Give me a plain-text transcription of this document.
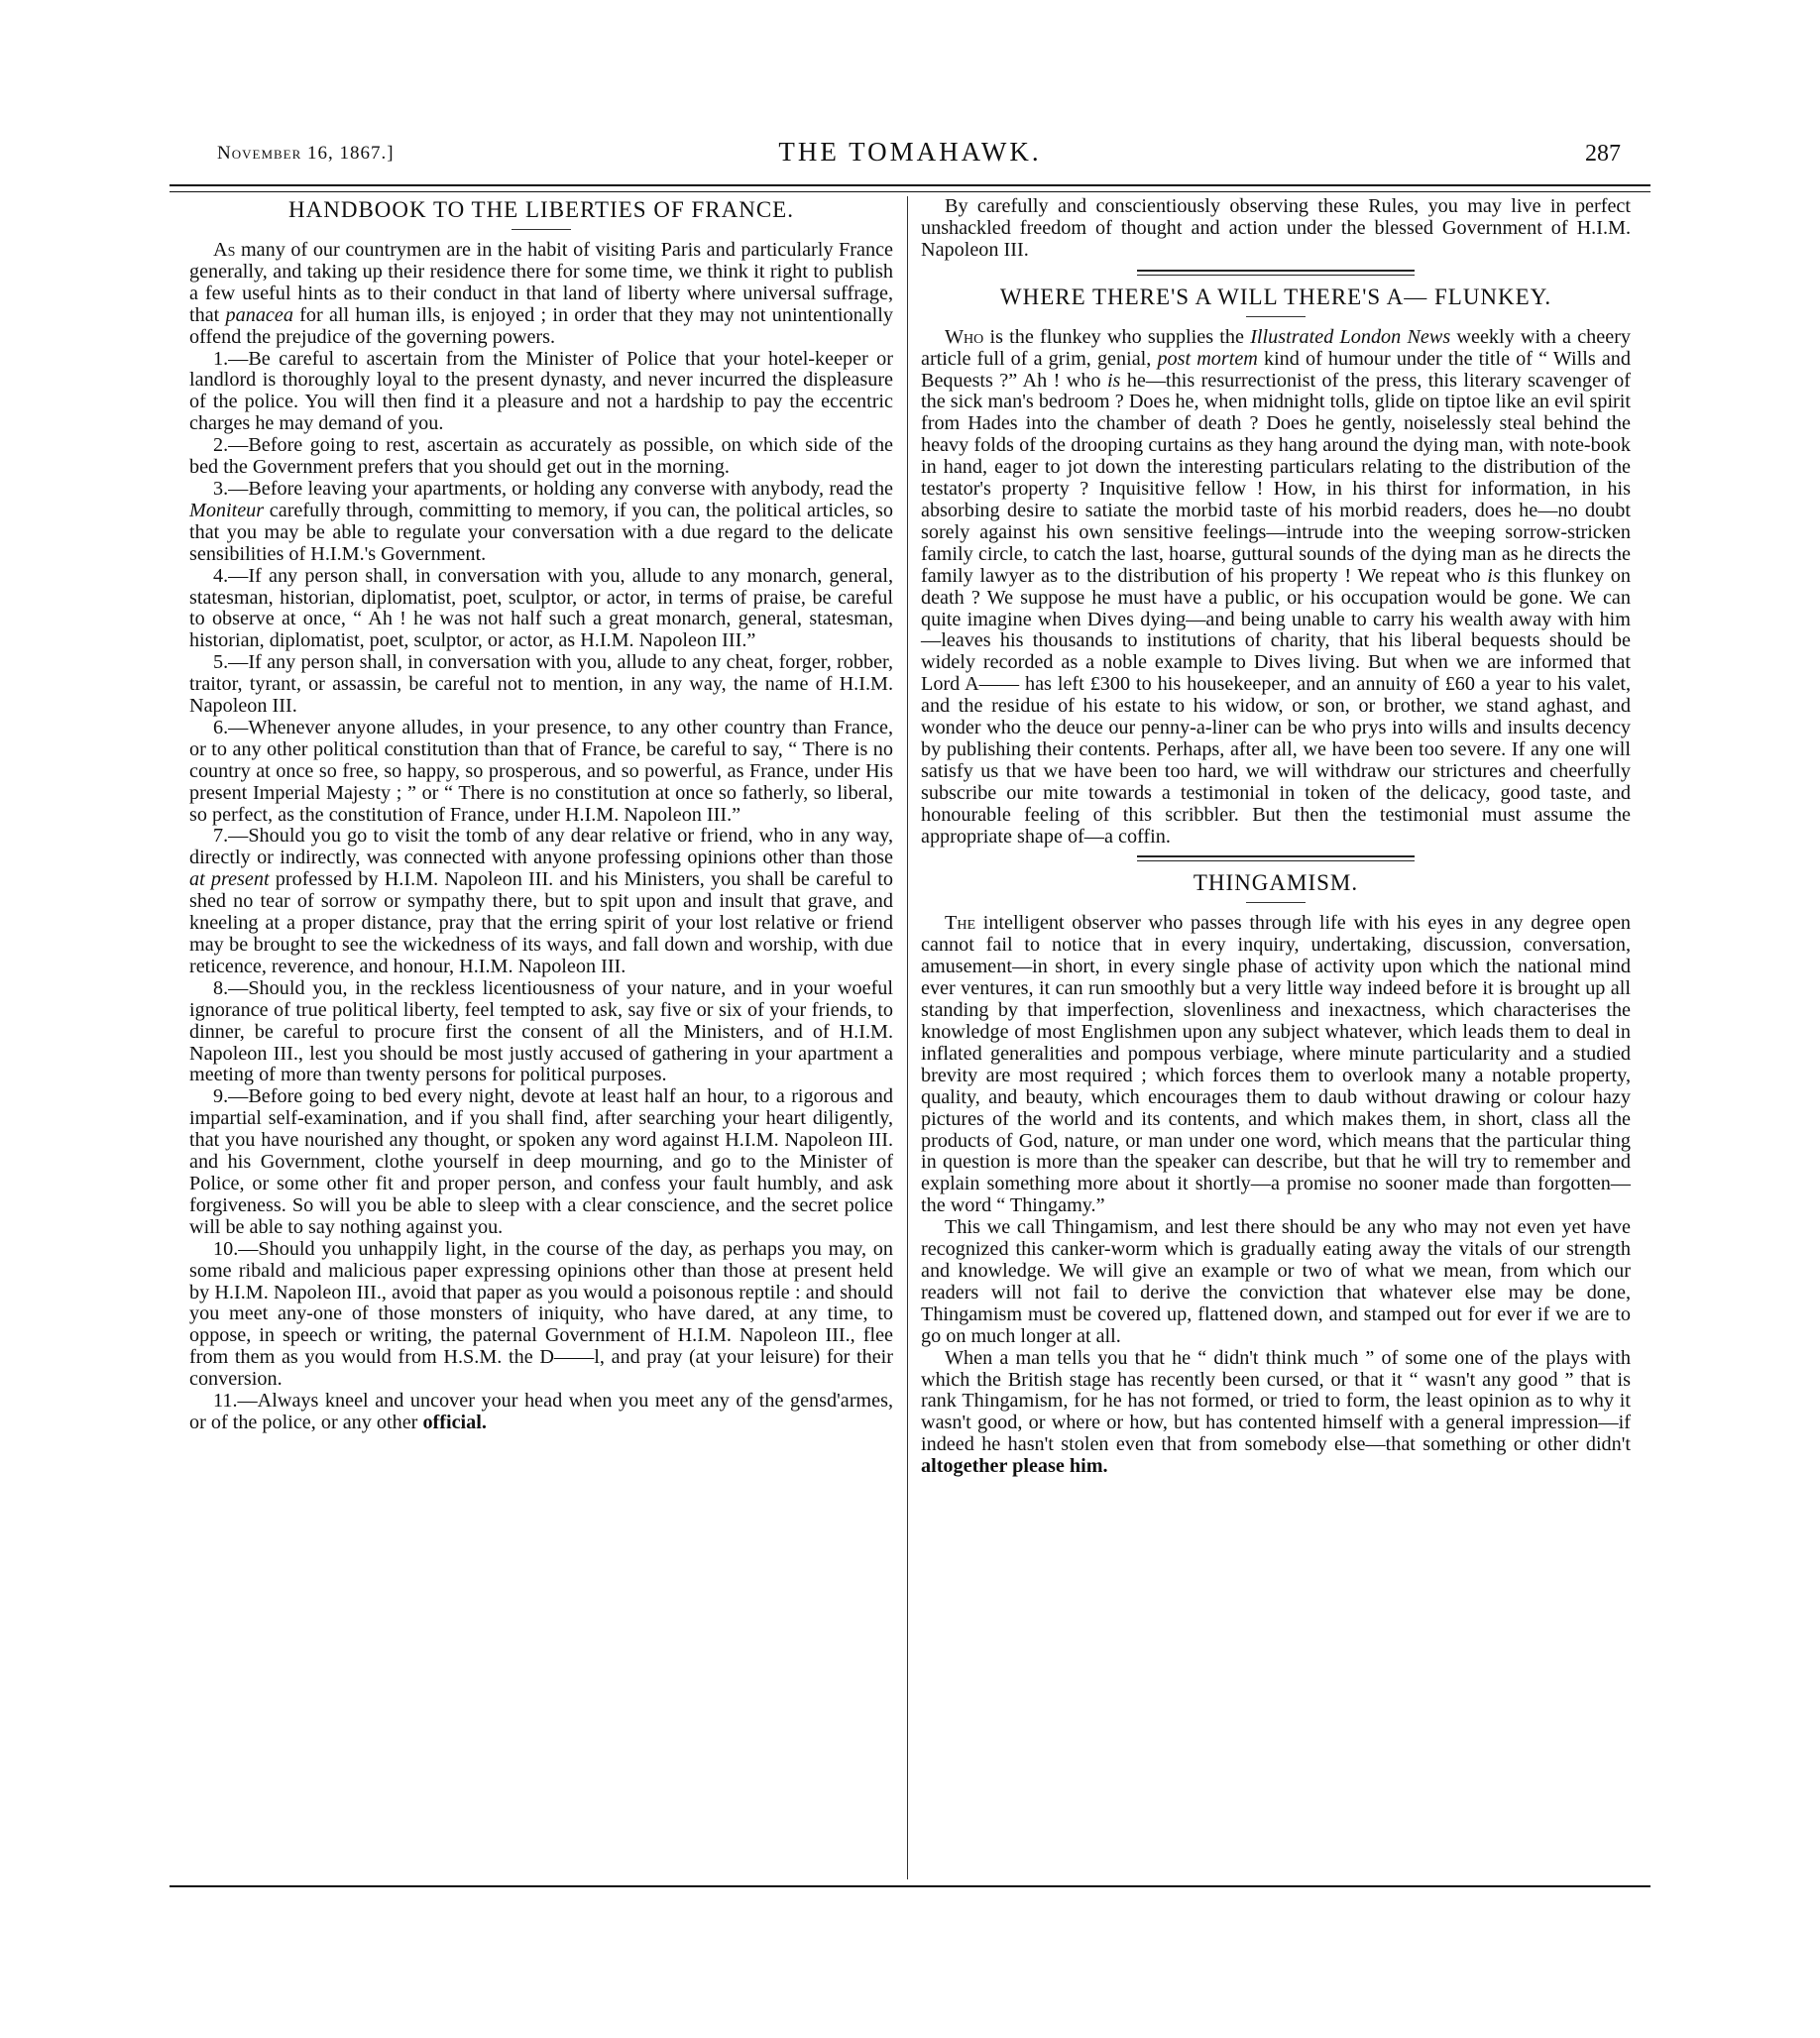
November 16, 1867.]	THE TOMAHAWK.	287
HANDBOOK TO THE LIBERTIES OF FRANCE.

As many of our countrymen are in the habit of visiting Paris and particularly France generally, and taking up their residence there for some time, we think it right to publish a few useful hints as to their conduct in that land of liberty where universal suffrage, that panacea for all human ills, is enjoyed ; in order that they may not unintentionally offend the prejudice of the governing powers.

1.—Be careful to ascertain from the Minister of Police that your hotel-keeper or landlord is thoroughly loyal to the present dynasty, and never incurred the displeasure of the police. You will then find it a pleasure and not a hardship to pay the eccentric charges he may demand of you.

2.—Before going to rest, ascertain as accurately as possible, on which side of the bed the Government prefers that you should get out in the morning.

3.—Before leaving your apartments, or holding any converse with anybody, read the Moniteur carefully through, committing to memory, if you can, the political articles, so that you may be able to regulate your conversation with a due regard to the delicate sensibilities of H.I.M.'s Government.

4.—If any person shall, in conversation with you, allude to any monarch, general, statesman, historian, diplomatist, poet, sculptor, or actor, in terms of praise, be careful to observe at once, “ Ah ! he was not half such a great monarch, general, statesman, historian, diplomatist, poet, sculptor, or actor, as H.I.M. Napoleon III.”

5.—If any person shall, in conversation with you, allude to any cheat, forger, robber, traitor, tyrant, or assassin, be careful not to mention, in any way, the name of H.I.M. Napoleon III.

6.—Whenever anyone alludes, in your presence, to any other country than France, or to any other political constitution than that of France, be careful to say, “ There is no country at once so free, so happy, so prosperous, and so powerful, as France, under His present Imperial Majesty ; ” or “ There is no constitution at once so fatherly, so liberal, so perfect, as the constitution of France, under H.I.M. Napoleon III.”

7.—Should you go to visit the tomb of any dear relative or friend, who in any way, directly or indirectly, was connected with anyone professing opinions other than those at present professed by H.I.M. Napoleon III. and his Ministers, you shall be careful to shed no tear of sorrow or sympathy there, but to spit upon and insult that grave, and kneeling at a proper distance, pray that the erring spirit of your lost relative or friend may be brought to see the wickedness of its ways, and fall down and worship, with due reticence, reverence, and honour, H.I.M. Napoleon III.

8.—Should you, in the reckless licentiousness of your nature, and in your woeful ignorance of true political liberty, feel tempted to ask, say five or six of your friends, to dinner, be careful to procure first the consent of all the Ministers, and of H.I.M. Napoleon III., lest you should be most justly accused of gathering in your apartment a meeting of more than twenty persons for political purposes.

9.—Before going to bed every night, devote at least half an hour, to a rigorous and impartial self-examination, and if you shall find, after searching your heart diligently, that you have nourished any thought, or spoken any word against H.I.M. Napoleon III. and his Government, clothe yourself in deep mourning, and go to the Minister of Police, or some other fit and proper person, and confess your fault humbly, and ask forgiveness. So will you be able to sleep with a clear conscience, and the secret police will be able to say nothing against you.

10.—Should you unhappily light, in the course of the day, as perhaps you may, on some ribald and malicious paper expressing opinions other than those at present held by H.I.M. Napoleon III., avoid that paper as you would a poisonous reptile : and should you meet any-one of those monsters of iniquity, who have dared, at any time, to oppose, in speech or writing, the paternal Government of H.I.M. Napoleon III., flee from them as you would from H.S.M. the D——l, and pray (at your leisure) for their conversion.

11.—Always kneel and uncover your head when you meet any of the gensd'armes, or of the police, or any other official.

By carefully and conscientiously observing these Rules, you may live in perfect unshackled freedom of thought and action under the blessed Government of H.I.M. Napoleon III.

WHERE THERE'S A WILL THERE'S A— FLUNKEY.

Who is the flunkey who supplies the Illustrated London News weekly with a cheery article full of a grim, genial, post mortem kind of humour under the title of “ Wills and Bequests ?” Ah ! who is he—this resurrectionist of the press, this literary scavenger of the sick man's bedroom ? Does he, when midnight tolls, glide on tiptoe like an evil spirit from Hades into the chamber of death ? Does he gently, noiselessly steal behind the heavy folds of the drooping curtains as they hang around the dying man, with note-book in hand, eager to jot down the interesting particulars relating to the distribution of the testator's property ? Inquisitive fellow ! How, in his thirst for information, in his absorbing desire to satiate the morbid taste of his morbid readers, does he—no doubt sorely against his own sensitive feelings—intrude into the weeping sorrow-stricken family circle, to catch the last, hoarse, guttural sounds of the dying man as he directs the family lawyer as to the distribution of his property ! We repeat who is this flunkey on death ? We suppose he must have a public, or his occupation would be gone. We can quite imagine when Dives dying—and being unable to carry his wealth away with him—leaves his thousands to institutions of charity, that his liberal bequests should be widely recorded as a noble example to Dives living. But when we are informed that Lord A—— has left £300 to his housekeeper, and an annuity of £60 a year to his valet, and the residue of his estate to his widow, or son, or brother, we stand aghast, and wonder who the deuce our penny-a-liner can be who prys into wills and insults decency by publishing their contents. Perhaps, after all, we have been too severe. If any one will satisfy us that we have been too hard, we will withdraw our strictures and cheerfully subscribe our mite towards a testimonial in token of the delicacy, good taste, and honourable feeling of this scribbler. But then the testimonial must assume the appropriate shape of—a coffin.

THINGAMISM.

The intelligent observer who passes through life with his eyes in any degree open cannot fail to notice that in every inquiry, undertaking, discussion, conversation, amusement—in short, in every single phase of activity upon which the national mind ever ventures, it can run smoothly but a very little way indeed before it is brought up all standing by that imperfection, slovenliness and inexactness, which characterises the knowledge of most Englishmen upon any subject whatever, which leads them to deal in inflated generalities and pompous verbiage, where minute particularity and a studied brevity are most required ; which forces them to overlook many a notable property, quality, and beauty, which encourages them to daub without drawing or colour hazy pictures of the world and its contents, and which makes them, in short, class all the products of God, nature, or man under one word, which means that the particular thing in question is more than the speaker can describe, but that he will try to remember and explain something more about it shortly—a promise no sooner made than forgotten—the word “ Thingamy.”

This we call Thingamism, and lest there should be any who may not even yet have recognized this canker-worm which is gradually eating away the vitals of our strength and knowledge. We will give an example or two of what we mean, from which our readers will not fail to derive the conviction that whatever else may be done, Thingamism must be covered up, flattened down, and stamped out for ever if we are to go on much longer at all.

When a man tells you that he “ didn't think much ” of some one of the plays with which the British stage has recently been cursed, or that it “ wasn't any good ” that is rank Thingamism, for he has not formed, or tried to form, the least opinion as to why it wasn't good, or where or how, but has contented himself with a general impression—if indeed he hasn't stolen even that from somebody else—that something or other didn't altogether please him.
